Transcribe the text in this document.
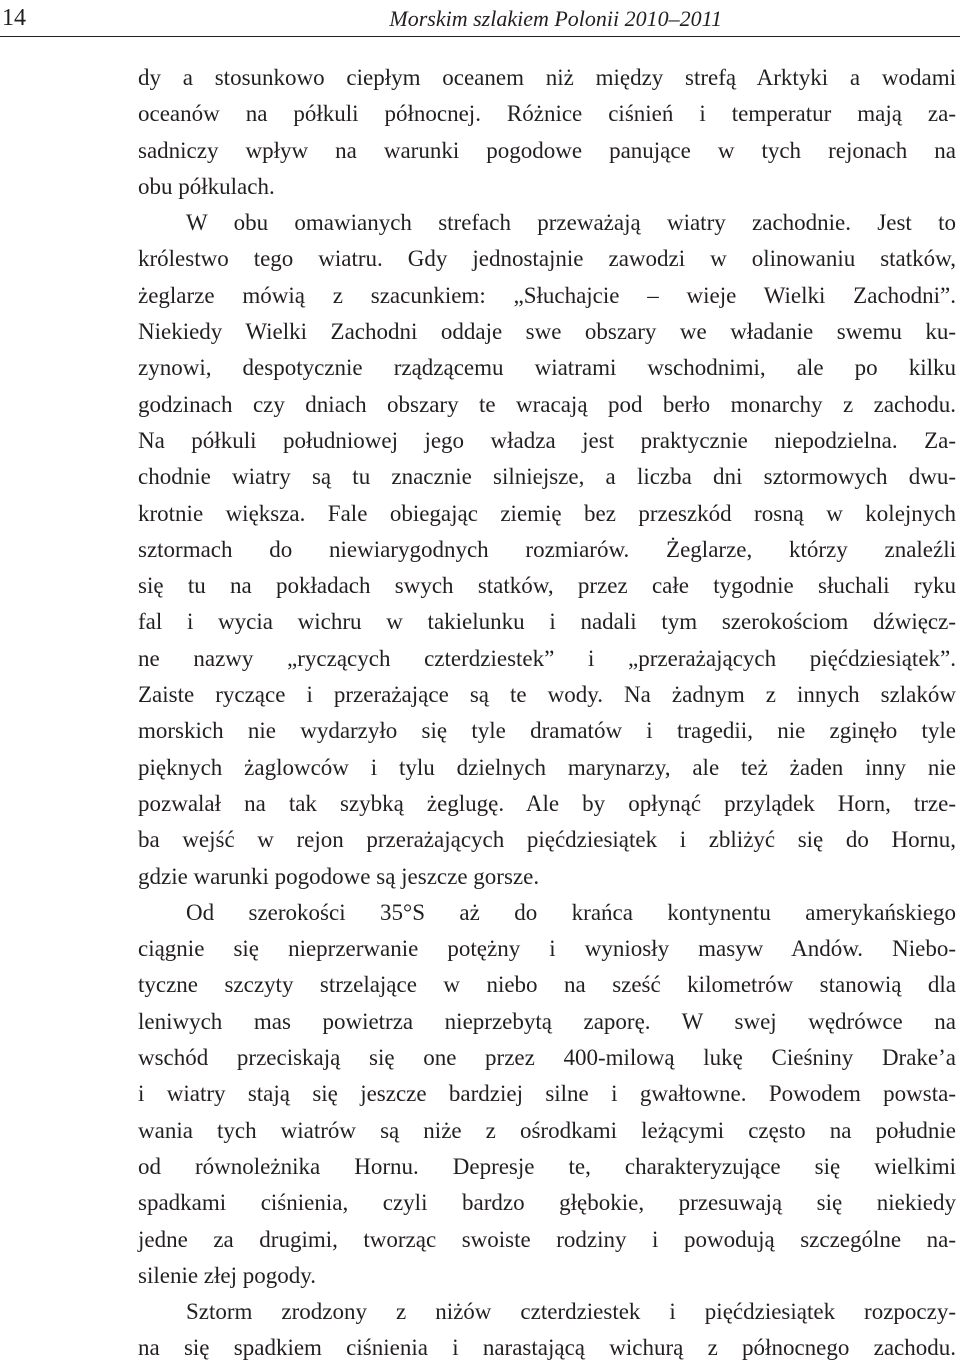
14	Morskim szlakiem Polonii 2010–2011
dy a stosunkowo ciepłym oceanem niż między strefą Arktyki a wodami
oceanów na półkuli północnej. Różnice ciśnień i temperatur mają za-
sadniczy wpływ na warunki pogodowe panujące w tych rejonach na
obu półkulach.
W obu omawianych strefach przeważają wiatry zachodnie. Jest to
królestwo tego wiatru. Gdy jednostajnie zawodzi w olinowaniu statków,
żeglarze mówią z szacunkiem: „Słuchajcie – wieje Wielki Zachodni”.
Niekiedy Wielki Zachodni oddaje swe obszary we władanie swemu ku-
zynowi, despotycznie rządzącemu wiatrami wschodnimi, ale po kilku
godzinach czy dniach obszary te wracają pod berło monarchy z zachodu.
Na półkuli południowej jego władza jest praktycznie niepodzielna. Za-
chodnie wiatry są tu znacznie silniejsze, a liczba dni sztormowych dwu-
krotnie większa. Fale obiegając ziemię bez przeszkód rosną w kolejnych
sztormach do niewiarygodnych rozmiarów. Żeglarze, którzy znaleźli
się tu na pokładach swych statków, przez całe tygodnie słuchali ryku
fal i wycia wichru w takielunku i nadali tym szerokościom dźwięcz-
ne nazwy „ryczących czterdziestek” i „przerażających pięćdziesiątek”.
Zaiste ryczące i przerażające są te wody. Na żadnym z innych szlaków
morskich nie wydarzyło się tyle dramatów i tragedii, nie zginęło tyle
pięknych żaglowców i tylu dzielnych marynarzy, ale też żaden inny nie
pozwalał na tak szybką żeglugę. Ale by opłynąć przylądek Horn, trze-
ba wejść w rejon przerażających pięćdziesiątek i zbliżyć się do Hornu,
gdzie warunki pogodowe są jeszcze gorsze.
Od szerokości 35°S aż do krańca kontynentu amerykańskiego
ciągnie się nieprzerwanie potężny i wyniosły masyw Andów. Niebo-
tyczne szczyty strzelające w niebo na sześć kilometrów stanowią dla
leniwych mas powietrza nieprzebytą zaporę. W swej wędrówce na
wschód przeciskają się one przez 400-milową lukę Cieśniny Drake’a
i wiatry stają się jeszcze bardziej silne i gwałtowne. Powodem powsta-
wania tych wiatrów są niże z ośrodkami leżącymi często na południe
od równoleżnika Hornu. Depresje te, charakteryzujące się wielkimi
spadkami ciśnienia, czyli bardzo głębokie, przesuwają się niekiedy
jedne za drugimi, tworząc swoiste rodziny i powodują szczególne na-
silenie złej pogody.
Sztorm zrodzony z niżów czterdziestek i pięćdziesiątek rozpoczy-
na się spadkiem ciśnienia i narastającą wichurą z północnego zachodu.
